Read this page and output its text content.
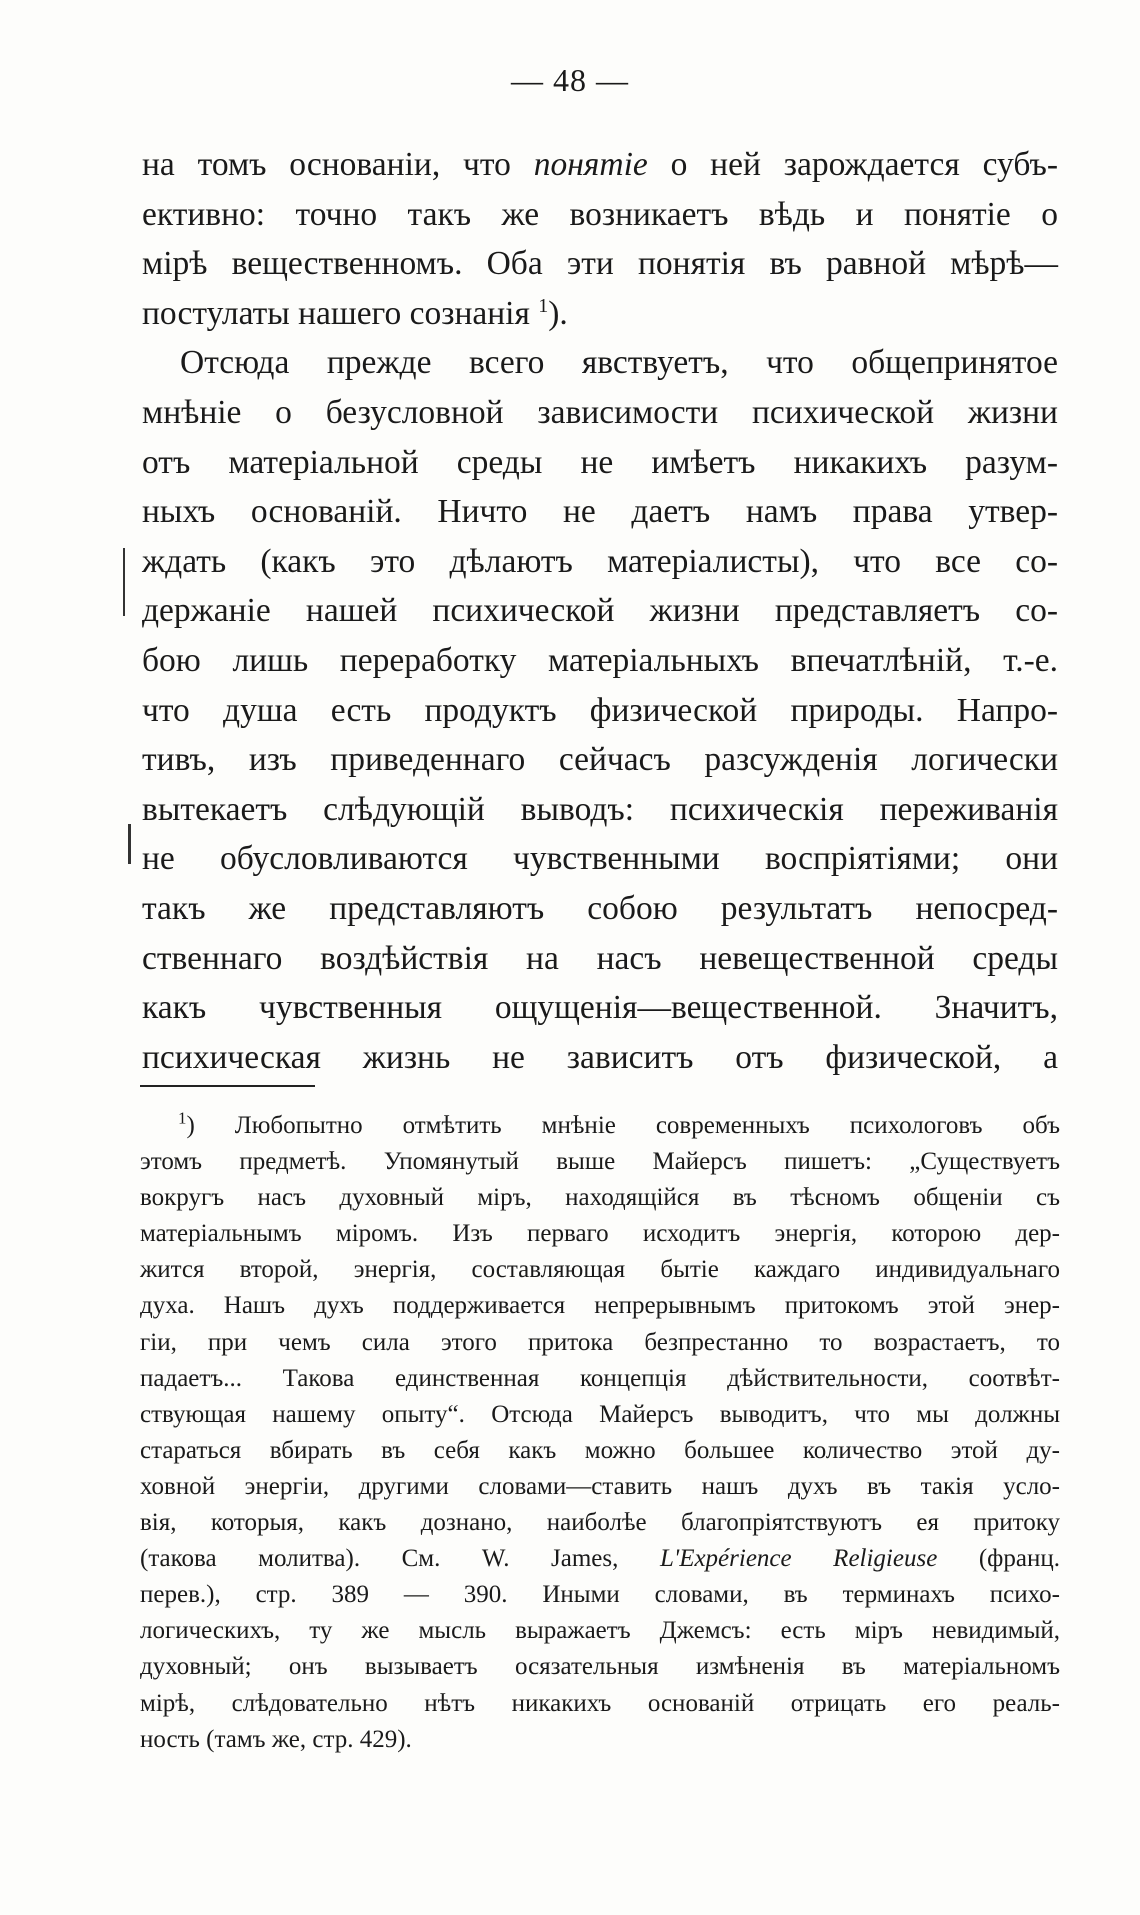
— 48 —
на томъ основаніи, что понятіе о ней зарождается субъ-
ективно: точно такъ же возникаетъ вѣдь и понятіе о
мірѣ вещественномъ. Оба эти понятія въ равной мѣрѣ—
постулаты нашего сознанія $^1$).
Отсюда прежде всего явствуетъ, что общепринятое
мнѣніе о безусловной зависимости психической жизни
отъ матеріальной среды не имѣетъ никакихъ разум-
ныхъ основаній. Ничто не даетъ намъ права утвер-
ждать (какъ это дѣлаютъ матеріалисты), что все со-
держаніе нашей психической жизни представляетъ со-
бою лишь переработку матеріальныхъ впечатлѣній, т.-е.
что душа есть продуктъ физической природы. Напро-
тивъ, изъ приведеннаго сейчасъ разсужденія логически
вытекаетъ слѣдующій выводъ: психическія переживанія
не обусловливаются чувственными воспріятіями; они
такъ же представляютъ собою результатъ непосред-
ственнаго воздѣйствія на насъ невещественной среды
какъ чувственныя ощущенія—вещественной. Значитъ,
психическая жизнь не зависитъ отъ физической, а
$^1$) Любопытно отмѣтить мнѣніе современныхъ психологовъ объ
этомъ предметѣ. Упомянутый выше Майерсъ пишетъ: „Существуетъ
вокругъ насъ духовный міръ, находящійся въ тѣсномъ общеніи съ
матеріальнымъ міромъ. Изъ перваго исходитъ энергія, которою дер-
жится второй, энергія, составляющая бытіе каждаго индивидуальнаго
духа. Нашъ духъ поддерживается непрерывнымъ притокомъ этой энер-
гіи, при чемъ сила этого притока безпрестанно то возрастаетъ, то
падаетъ... Такова единственная концепція дѣйствительности, соотвѣт-
ствующая нашему опыту“. Отсюда Майерсъ выводитъ, что мы должны
стараться вбирать въ себя какъ можно большее количество этой ду-
ховной энергіи, другими словами—ставить нашъ духъ въ такія усло-
вія, которыя, какъ дознано, наиболѣе благопріятствуютъ ея притоку
(такова молитва). См. W. James, L'Expérience Religieuse (франц.
перев.), стр. 389 — 390. Иными словами, въ терминахъ психо-
логическихъ, ту же мысль выражаетъ Джемсъ: есть міръ невидимый,
духовный; онъ вызываетъ осязательныя измѣненія въ матеріальномъ
мірѣ, слѣдовательно нѣтъ никакихъ основаній отрицать его реаль-
ность (тамъ же, стр. 429).
